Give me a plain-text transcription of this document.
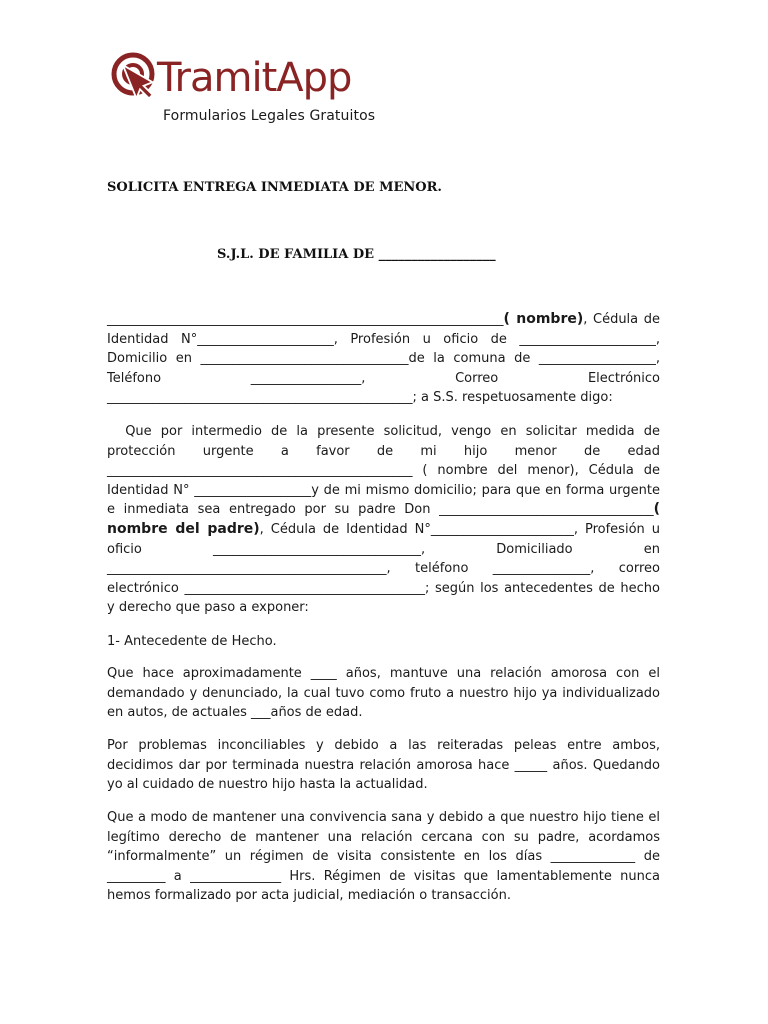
TramitApp
Formularios Legales Gratuitos
SOLICITA ENTREGA INMEDIATA DE MENOR.
S.J.L. DE FAMILIA DE __________________

_____________________________________________________________( nombre), Cédula de Identidad N°_____________________, Profesión u oficio de _____________________, Domicilio en ________________________________de la comuna de __________________, Teléfono _________________, Correo Electrónico _______________________________________________; a S.S. respetuosamente digo:

Que por intermedio de la presente solicitud, vengo en solicitar medida de protección urgente a favor de mi hijo menor de edad _______________________________________________ ( nombre del menor), Cédula de Identidad N° __________________y de mi mismo domicilio; para que en forma urgente e inmediata sea entregado por su padre Don _________________________________( nombre del padre), Cédula de Identidad N°______________________, Profesión u oficio ________________________________, Domiciliado en ___________________________________________, teléfono _______________, correo electrónico _____________________________________; según los antecedentes de hecho y derecho que paso a exponer:

1- Antecedente de Hecho.
Que hace aproximadamente ____ años, mantuve una relación amorosa con el demandado y denunciado, la cual tuvo como fruto a nuestro hijo ya individualizado en autos, de actuales ___años de edad.
Por problemas inconciliables y debido a las reiteradas peleas entre ambos, decidimos dar por terminada nuestra relación amorosa hace _____ años. Quedando yo al cuidado de nuestro hijo hasta la actualidad.
Que a modo de mantener una convivencia sana y debido a que nuestro hijo tiene el legítimo derecho de mantener una relación cercana con su padre, acordamos “informalmente” un régimen de visita consistente en los días _____________ de _________ a ______________ Hrs. Régimen de visitas que lamentablemente nunca hemos formalizado por acta judicial, mediación o transacción.
